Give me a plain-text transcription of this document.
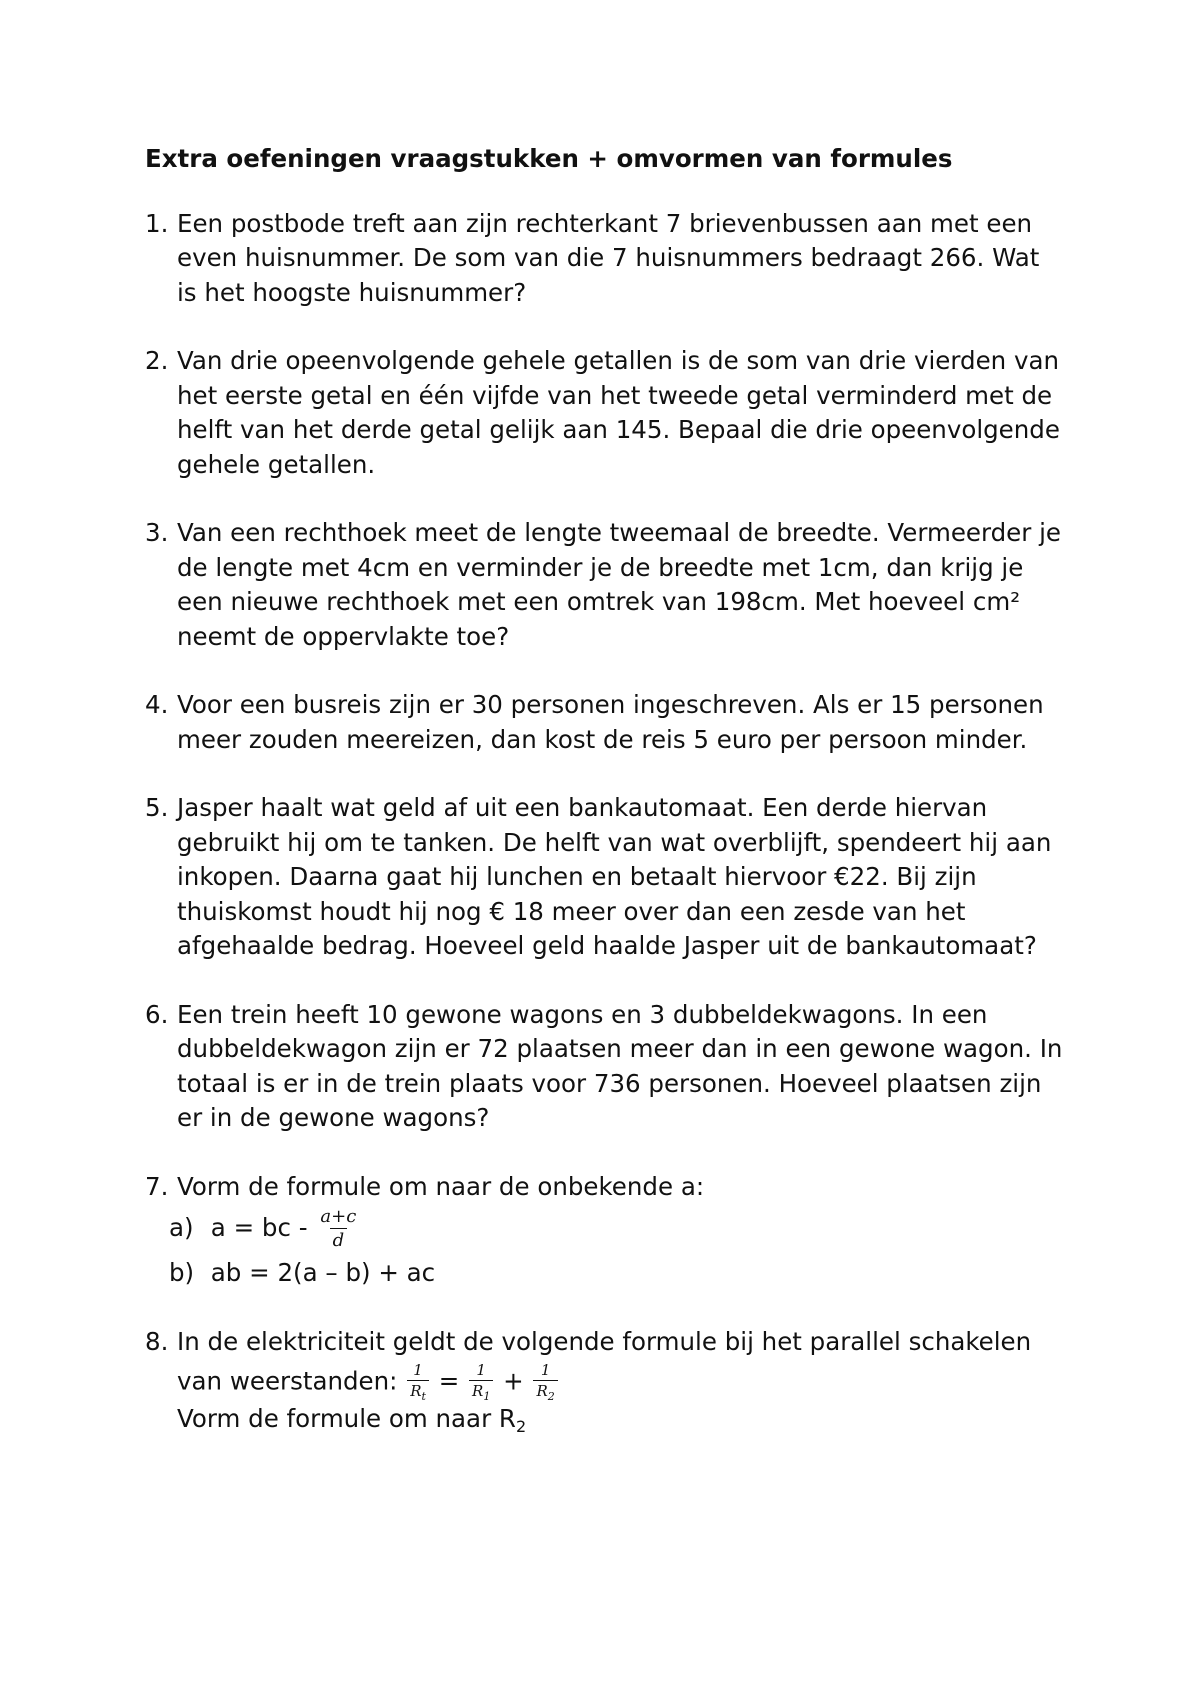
Extra oefeningen vraagstukken + omvormen van formules
1. Een postbode treft aan zijn rechterkant 7 brievenbussen aan met een
even huisnummer. De som van die 7 huisnummers bedraagt 266. Wat
is het hoogste huisnummer?
2. Van drie opeenvolgende gehele getallen is de som van drie vierden van
het eerste getal en één vijfde van het tweede getal verminderd met de
helft van het derde getal gelijk aan 145. Bepaal die drie opeenvolgende
gehele getallen.
3. Van een rechthoek meet de lengte tweemaal de breedte. Vermeerder je
de lengte met 4cm en verminder je de breedte met 1cm, dan krijg je
een nieuwe rechthoek met een omtrek van 198cm. Met hoeveel cm²
neemt de oppervlakte toe?
4. Voor een busreis zijn er 30 personen ingeschreven. Als er 15 personen
meer zouden meereizen, dan kost de reis 5 euro per persoon minder.
5. Jasper haalt wat geld af uit een bankautomaat. Een derde hiervan
gebruikt hij om te tanken. De helft van wat overblijft, spendeert hij aan
inkopen. Daarna gaat hij lunchen en betaalt hiervoor €22. Bij zijn
thuiskomst houdt hij nog € 18 meer over dan een zesde van het
afgehaalde bedrag. Hoeveel geld haalde Jasper uit de bankautomaat?
6. Een trein heeft 10 gewone wagons en 3 dubbeldekwagons. In een
dubbeldekwagon zijn er 72 plaatsen meer dan in een gewone wagon. In
totaal is er in de trein plaats voor 736 personen. Hoeveel plaatsen zijn
er in de gewone wagons?
7. Vorm de formule om naar de onbekende a:
a) a = bc - $\frac{a+c}{d}$
b) ab = 2(a – b) + ac
8. In de elektriciteit geldt de volgende formule bij het parallel schakelen
van weerstanden: $\frac{1}{R_t} = \frac{1}{R_1} + \frac{1}{R_2}$
Vorm de formule om naar $R_2$
